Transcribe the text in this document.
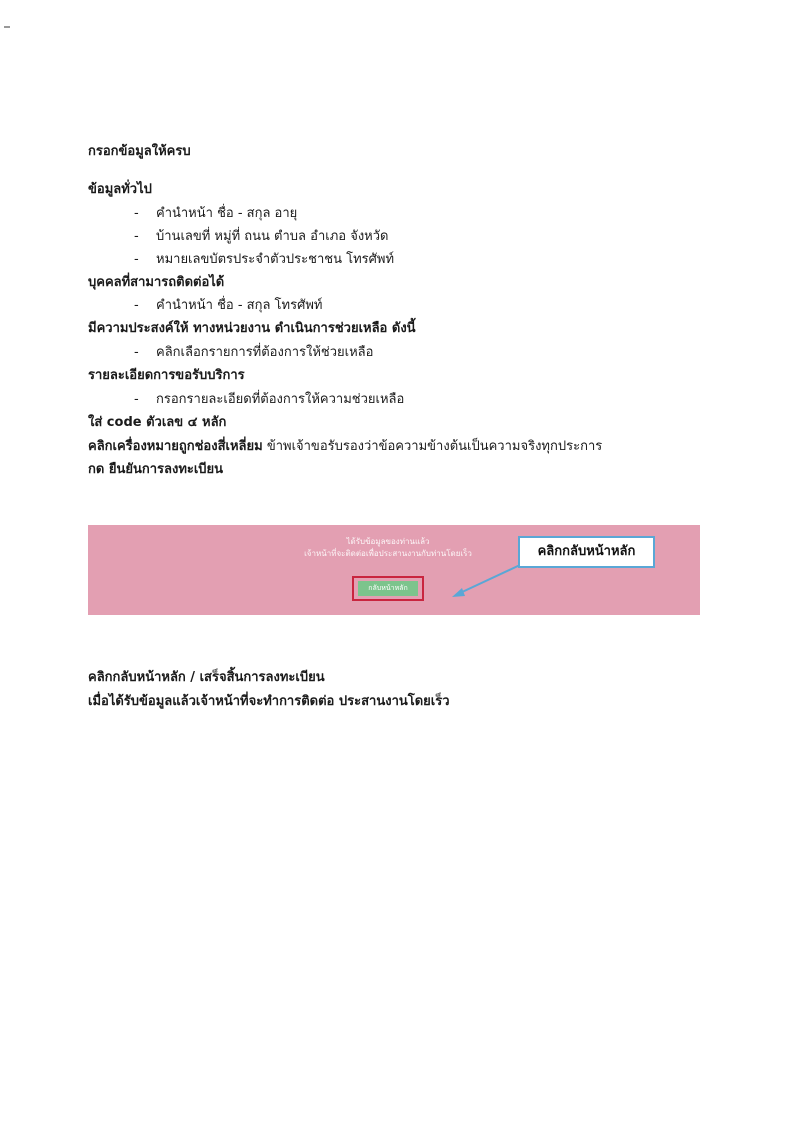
กรอกข้อมูลให้ครบ
ข้อมูลทั่วไป
- คำนำหน้า ชื่อ - สกุล อายุ
- บ้านเลขที่ หมู่ที่ ถนน ตำบล อำเภอ จังหวัด
- หมายเลขบัตรประจำตัวประชาชน โทรศัพท์
บุคคลที่สามารถติดต่อได้
- คำนำหน้า ชื่อ - สกุล โทรศัพท์
มีความประสงค์ให้ ทางหน่วยงาน ดำเนินการช่วยเหลือ ดังนี้
- คลิกเลือกรายการที่ต้องการให้ช่วยเหลือ
รายละเอียดการขอรับบริการ
- กรอกรายละเอียดที่ต้องการให้ความช่วยเหลือ
ใส่ code ตัวเลข ๔ หลัก
คลิกเครื่องหมายถูกช่องสี่เหลี่ยม ข้าพเจ้าขอรับรองว่าข้อความข้างต้นเป็นความจริงทุกประการ
กด ยืนยันการลงทะเบียน
ได้รับข้อมูลของท่านแล้ว
เจ้าหน้าที่จะติดต่อเพื่อประสานงานกับท่านโดยเร็ว
กลับหน้าหลัก
คลิกกลับหน้าหลัก
คลิกกลับหน้าหลัก / เสร็จสิ้นการลงทะเบียน
เมื่อได้รับข้อมูลแล้วเจ้าหน้าที่จะทำการติดต่อ ประสานงานโดยเร็ว
